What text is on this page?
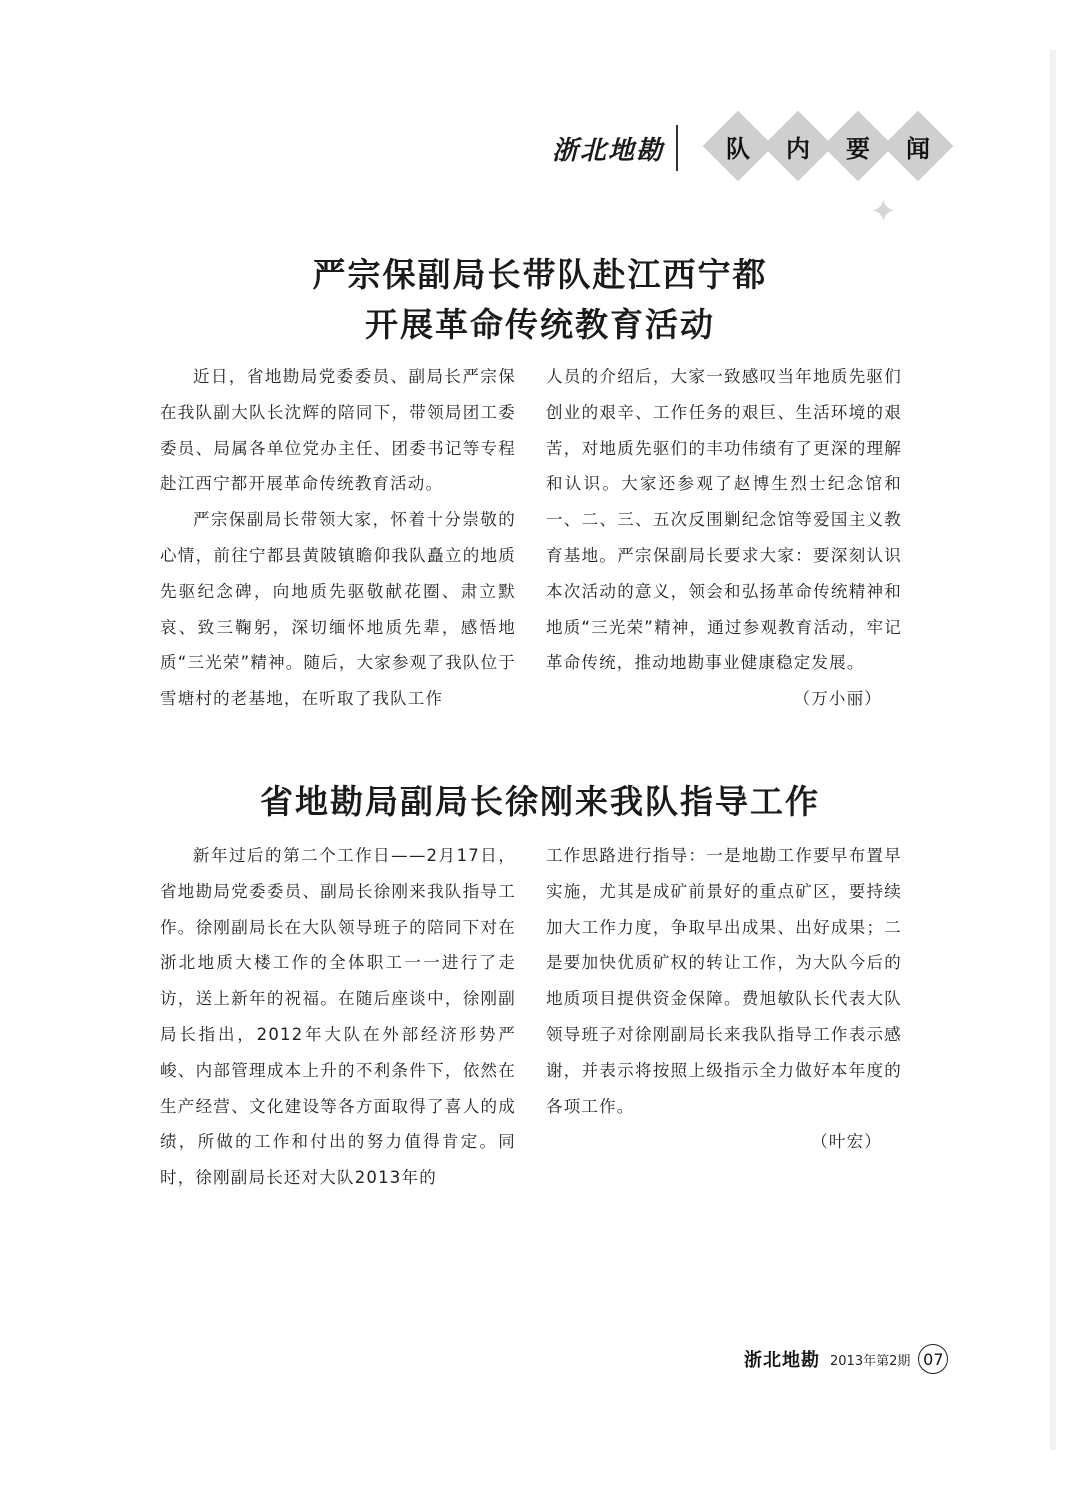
浙北地勘	队	内	要	闻
✦
严宗保副局长带队赴江西宁都
开展革命传统教育活动

近日，省地勘局党委委员、副局长严宗保在我队副大队长沈辉的陪同下，带领局团工委委员、局属各单位党办主任、团委书记等专程赴江西宁都开展革命传统教育活动。

严宗保副局长带领大家，怀着十分崇敬的心情，前往宁都县黄陂镇瞻仰我队矗立的地质先驱纪念碑，向地质先驱敬献花圈、肃立默哀、致三鞠躬，深切缅怀地质先辈，感悟地质“三光荣”精神。随后，大家参观了我队位于雪塘村的老基地，在听取了我队工作

人员的介绍后，大家一致感叹当年地质先驱们创业的艰辛、工作任务的艰巨、生活环境的艰苦，对地质先驱们的丰功伟绩有了更深的理解和认识。大家还参观了赵博生烈士纪念馆和一、二、三、五次反围剿纪念馆等爱国主义教育基地。严宗保副局长要求大家：要深刻认识本次活动的意义，领会和弘扬革命传统精神和地质“三光荣”精神，通过参观教育活动，牢记革命传统，推动地勘事业健康稳定发展。
（万小丽）

省地勘局副局长徐刚来我队指导工作

新年过后的第二个工作日——2月17日，省地勘局党委委员、副局长徐刚来我队指导工作。徐刚副局长在大队领导班子的陪同下对在浙北地质大楼工作的全体职工一一进行了走访，送上新年的祝福。在随后座谈中，徐刚副局长指出，2012年大队在外部经济形势严峻、内部管理成本上升的不利条件下，依然在生产经营、文化建设等各方面取得了喜人的成绩，所做的工作和付出的努力值得肯定。同时，徐刚副局长还对大队2013年的

工作思路进行指导：一是地勘工作要早布置早实施，尤其是成矿前景好的重点矿区，要持续加大工作力度，争取早出成果、出好成果；二是要加快优质矿权的转让工作，为大队今后的地质项目提供资金保障。费旭敏队长代表大队领导班子对徐刚副局长来我队指导工作表示感谢，并表示将按照上级指示全力做好本年度的各项工作。

（叶宏）
浙北地勘 2013年第2期 07
